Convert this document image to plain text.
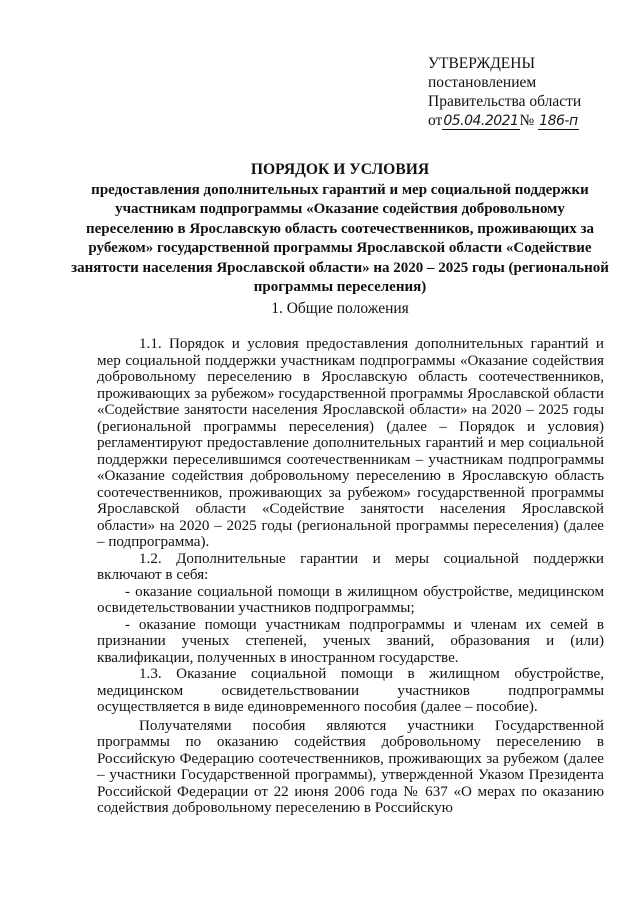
УТВЕРЖДЕНЫ
постановлением
Правительства области
от05.04.2021№ 186-п
ПОРЯДОК И УСЛОВИЯ
предоставления дополнительных гарантий и мер социальной поддержки участникам подпрограммы «Оказание содействия добровольному переселению в Ярославскую область соотечественников, проживающих за рубежом» государственной программы Ярославской области «Содействие занятости населения Ярославской области» на 2020 – 2025 годы (региональной программы переселения)
1. Общие положения

1.1. Порядок и условия предоставления дополнительных гарантий и мер социальной поддержки участникам подпрограммы «Оказание содействия добровольному переселению в Ярославскую область соотечественников, проживающих за рубежом» государственной программы Ярославской области «Содействие занятости населения Ярославской области» на 2020 – 2025 годы (региональной программы переселения) (далее – Порядок и условия) регламентируют предоставление дополнительных гарантий и мер социальной поддержки переселившимся соотечественникам – участникам подпрограммы «Оказание содействия добровольному переселению в Ярославскую область соотечественников, проживающих за рубежом» государственной программы Ярославской области «Содействие занятости населения Ярославской области» на 2020 – 2025 годы (региональной программы переселения) (далее – подпрограмма).

1.2. Дополнительные гарантии и меры социальной поддержки включают в себя:

- оказание социальной помощи в жилищном обустройстве, медицинском освидетельствовании участников подпрограммы;

- оказание помощи участникам подпрограммы и членам их семей в признании ученых степеней, ученых званий, образования и (или) квалификации, полученных в иностранном государстве.

1.3. Оказание социальной помощи в жилищном обустройстве, медицинском освидетельствовании участников подпрограммы осуществляется в виде единовременного пособия (далее – пособие).

Получателями пособия являются участники Государственной программы по оказанию содействия добровольному переселению в Российскую Федерацию соотечественников, проживающих за рубежом (далее – участники Государственной программы), утвержденной Указом Президента Российской Федерации от 22 июня 2006 года № 637 «О мерах по оказанию содействия добровольному переселению в Российскую
